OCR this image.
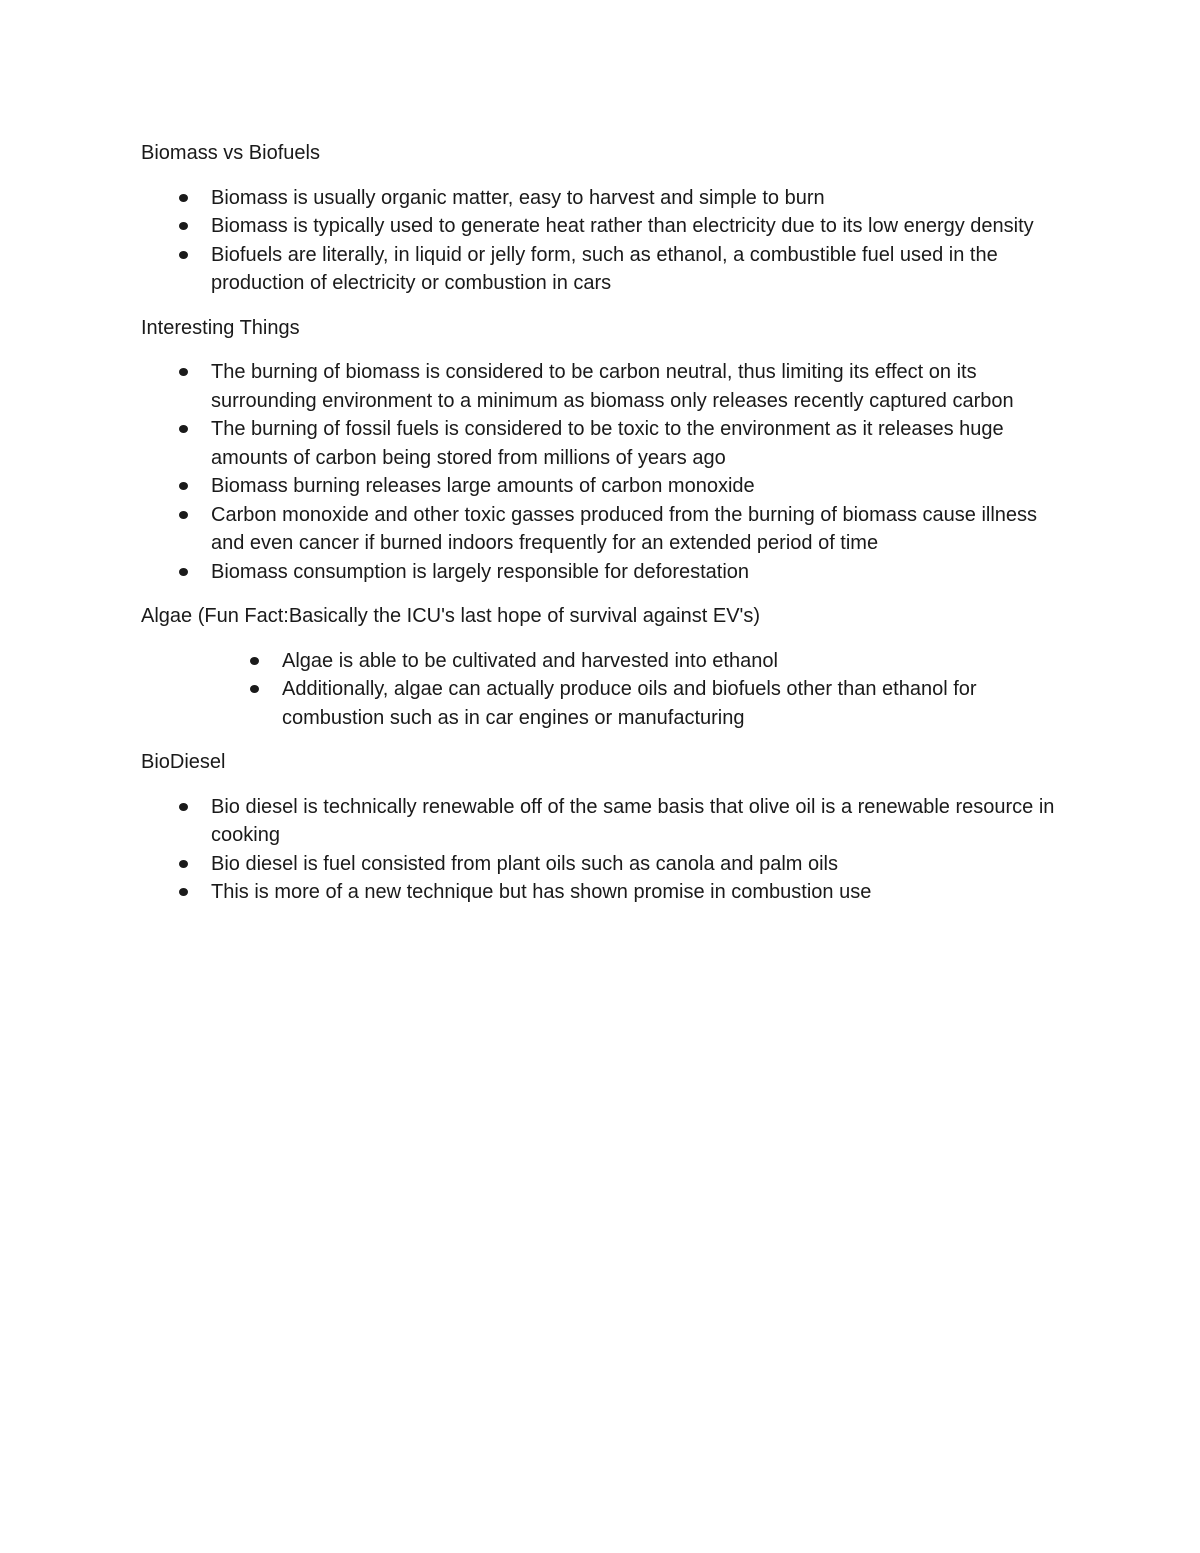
Biomass vs Biofuels
Biomass is usually organic matter, easy to harvest and simple to burn
Biomass is typically used to generate heat rather than electricity due to its low energy density
Biofuels are literally, in liquid or jelly form, such as ethanol, a combustible fuel used in the production of electricity or combustion in cars
Interesting Things
The burning of biomass is considered to be carbon neutral, thus limiting its effect on its surrounding environment to a minimum as biomass only releases recently captured carbon
The burning of fossil fuels is considered to be toxic to the environment as it releases huge amounts of carbon being stored from millions of years ago
Biomass burning releases large amounts of carbon monoxide
Carbon monoxide and other toxic gasses produced from the burning of biomass cause illness and even cancer if burned indoors frequently for an extended period of time
Biomass consumption is largely responsible for deforestation
Algae (Fun Fact:Basically the ICU's last hope of survival against EV's)
Algae is able to be cultivated and harvested into ethanol
Additionally, algae can actually produce oils and biofuels other than ethanol for combustion such as in car engines or manufacturing
BioDiesel
Bio diesel is technically renewable off of the same basis that olive oil is a renewable resource in cooking
Bio diesel is fuel consisted from plant oils such as canola and palm oils
This is more of a new technique but has shown promise in combustion use
